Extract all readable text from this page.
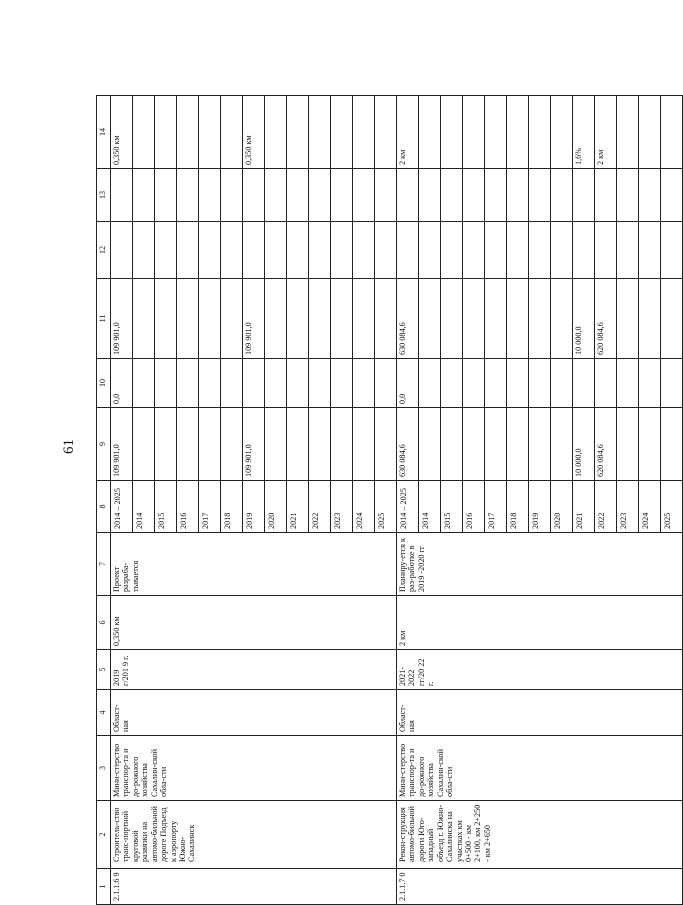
61
1	2	3	4	5	6	7	8	9	10	11	12	13	14
2.1.1.6 9	Строитель-ство транс-портной круговой развязки на автомо-бильной дороге Подъезд к аэропорту Южно-Сахалинск	Мини-стерство транспор-та и до-рожного хозяйства Сахалин-ской обла-сти	Област-ная	2019 г/201 9 г.	0,350 км	Проект разраба-тывается	2014 – 2025	109 901,0	0,0	109 901,0			0,350 км
							2014						
							2015						
							2016						
							2017						
							2018						
							2019	109 901,0		109 901,0			0,350 км
							2020						
							2021						
							2022						
							2023						
							2024						
							2025						
2.1.1.7 0	Рекон-струкция автомо-бильной дороги Юго-западный объезд г. Южно-Сахалинска на участках км 0+500 - км 2+100, км 2+250 - км 2+650	Мини-стерство транспор-та и до-рожного хозяйства Сахалин-ской обла-сти	Област-ная	2021-2022 гг/20 22 г.	2 км	Планиру-ется к раз-работке в 2019 -2020 гг	2014 – 2025	630 084,6	0,0	630 084,6			2 км
							2014						
							2015						
							2016						
							2017						
							2018						
							2019						
							2020						
							2021	10 000,0		10 000,0			1,6%
							2022	620 084,6		620 084,6			2 км
							2023						
							2024						
							2025						
